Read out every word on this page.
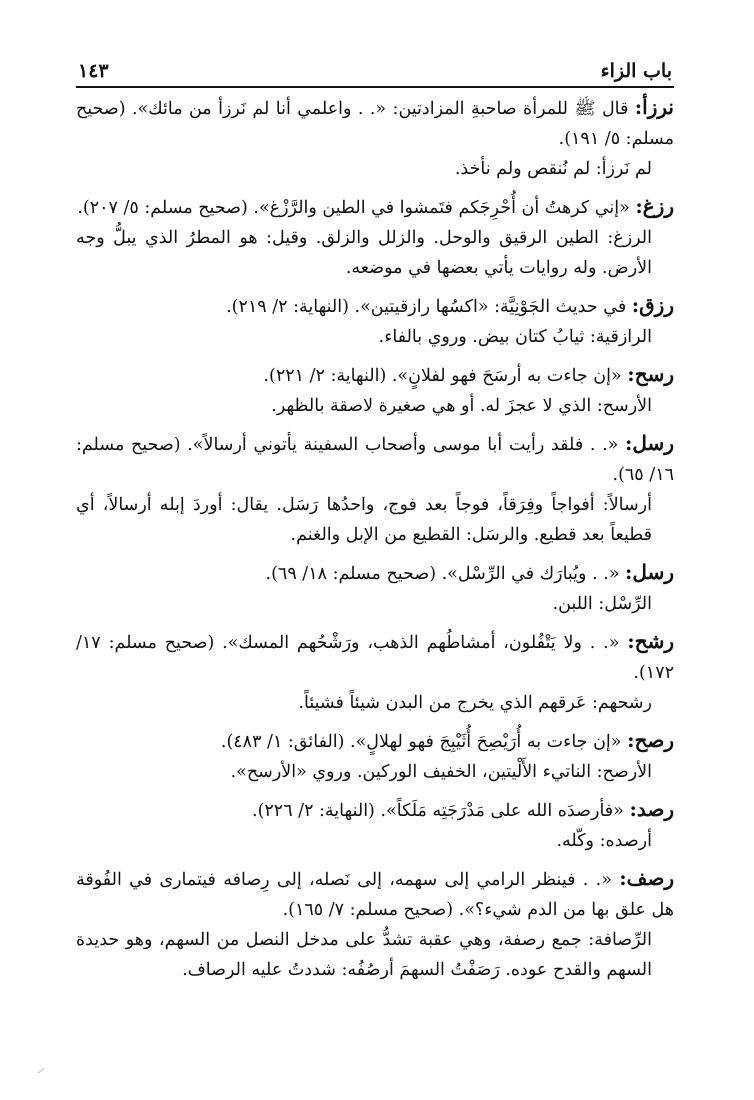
باب الزاء
١٤٣

نرزأ: قال ﷺ للمرأة صاحبةِ المزادتين: «. . واعلمي أنا لم نَرزأ من مائك». (صحيح مسلم: ٥/ ١٩١).

لم نَرزأ: لم نُنقص ولم نأخذ.

رزغ: «إني كرهتُ أن أُحْرِجَكم فتَمشوا في الطين والرَّزْغ». (صحيح مسلم: ٥/ ٢٠٧).

الرزغ: الطين الرقيق والوحل. والزلل والزلق. وقيل: هو المطرُ الذي يبلُّ وجه الأرض. وله روايات يأتي بعضها في موضعه.

رزق: في حديث الجَوْنِيَّة: «اكسُها رازقيتين». (النهاية: ٢/ ٢١٩).

الرازقية: ثيابُ كتان بيض. وروي بالفاء.

رسح: «إن جاءت به أرسَحَ فهو لفلانٍ». (النهاية: ٢/ ٢٢١).

الأرسح: الذي لا عجزَ له. أو هي صغيرة لاصقة بالظهر.

رسل: «. . فلقد رأيت أبا موسى وأصحاب السفينة يأتوني أرسالاً». (صحيح مسلم: ١٦/ ٦٥).

أرسالاً: أفواجاً وفِرَقاً، فوجاً بعد فوج، واحدُها رَسَل. يقال: أوردَ إبله أرسالاً، أي قطيعاً بعد قطيع. والرسَل: القطيع من الإبل والغنم.

رسل: «. . ويُبارَك في الرِّسْل». (صحيح مسلم: ١٨/ ٦٩).

الرِّسْل: اللبن.

رشح: «. . ولا يَتْفُلون، أمشاطُهم الذهب، ورَشْحُهم المسك». (صحيح مسلم: ١٧/ ١٧٢).

رشحهم: عَرقهم الذي يخرج من البدن شيئاً فشيئاً.

رصح: «إن جاءت به أُرَيْصِحَ أُثَيْبِجَ فهو لهلالٍ». (الفائق: ١/ ٤٨٣).

الأرصح: الناتيء الأَلْيتين، الخفيف الوركين. وروي «الأرسح».

رصد: «فأرصدَه الله على مَدْرَجَتِه مَلَكاً». (النهاية: ٢/ ٢٢٦).

أرصده: وكّله.

رصف: «. . فينظر الرامي إلى سهمه، إلى نَصله، إلى رِصافه فيتمارى في الفُوقة هل علق بها من الدم شيء؟». (صحيح مسلم: ٧/ ١٦٥).

الرِّصافة: جمع رصفة، وهي عقبة تشدُّ على مدخل النصل من السهم، وهو حديدة السهم والقدح عوده. رَصَفْتُ السهمَ أرصُفُه: شددتُ عليه الرصاف.
